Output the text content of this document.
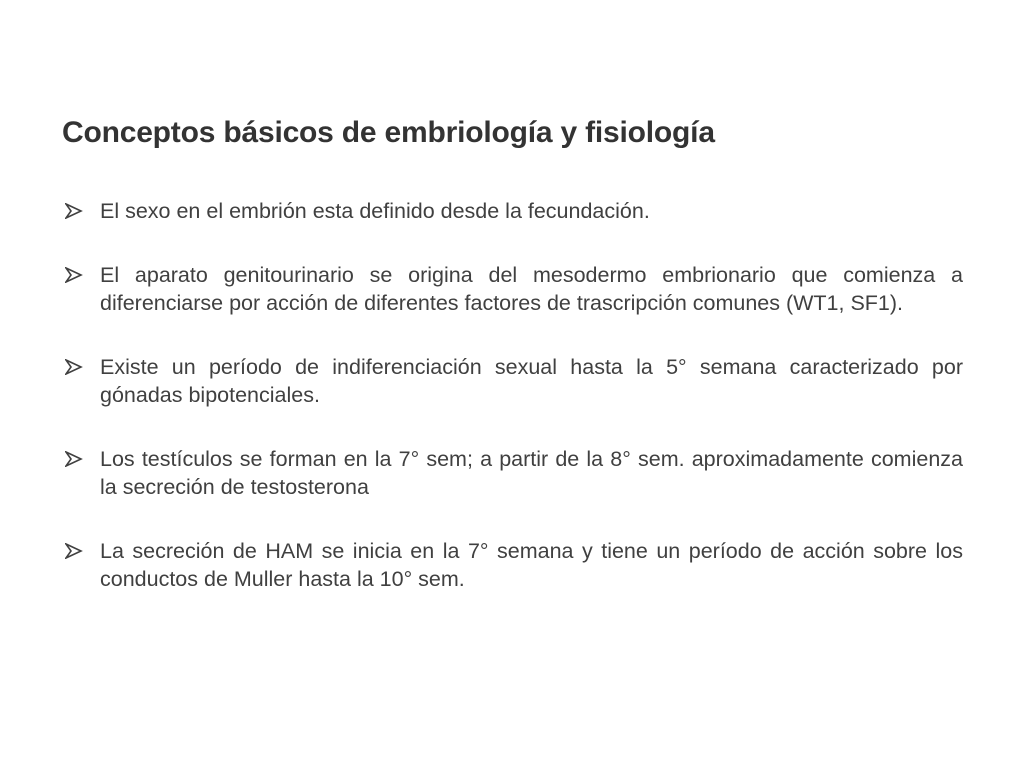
Conceptos básicos de embriología y fisiología
El sexo en el embrión esta definido desde la fecundación.
El aparato genitourinario se origina del mesodermo embrionario que comienza a diferenciarse por acción de diferentes factores de trascripción comunes (WT1, SF1).
Existe un período de indiferenciación sexual hasta la 5° semana caracterizado por gónadas bipotenciales.
Los testículos se forman en la 7° sem; a partir de la 8° sem. aproximadamente comienza la secreción de testosterona
La secreción de HAM se inicia en la 7° semana y tiene un período de acción sobre los conductos de Muller hasta la 10° sem.
